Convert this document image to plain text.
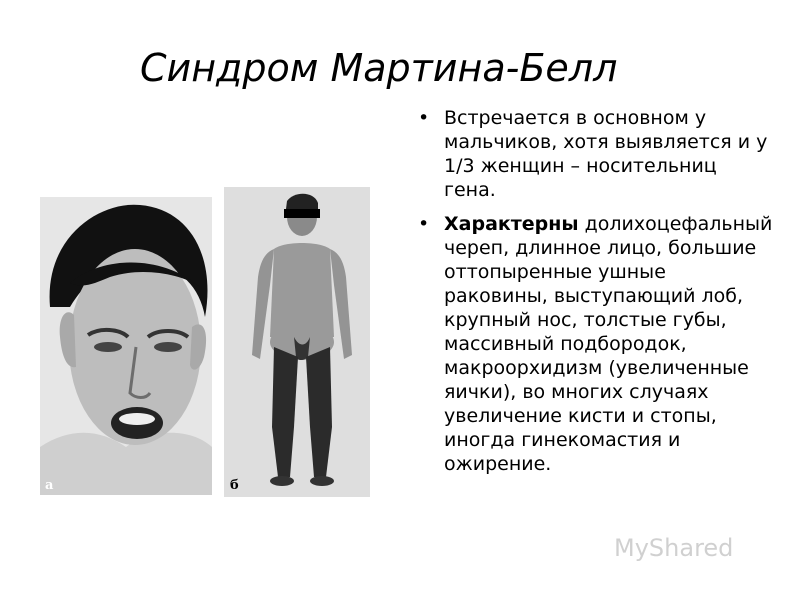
Синдром Мартина-Белл
а	б
• Встречается в основном у мальчиков, хотя выявляется и у 1/3 женщин – носительниц гена.
• Характерны долихоцефальный череп, длинное лицо, большие оттопыренные ушные раковины, выступающий лоб, крупный нос, толстые губы, массивный подбородок, макроорхидизм (увеличенные яички), во многих случаях увеличение кисти и стопы, иногда гинекомастия и ожирение.
MyShared
